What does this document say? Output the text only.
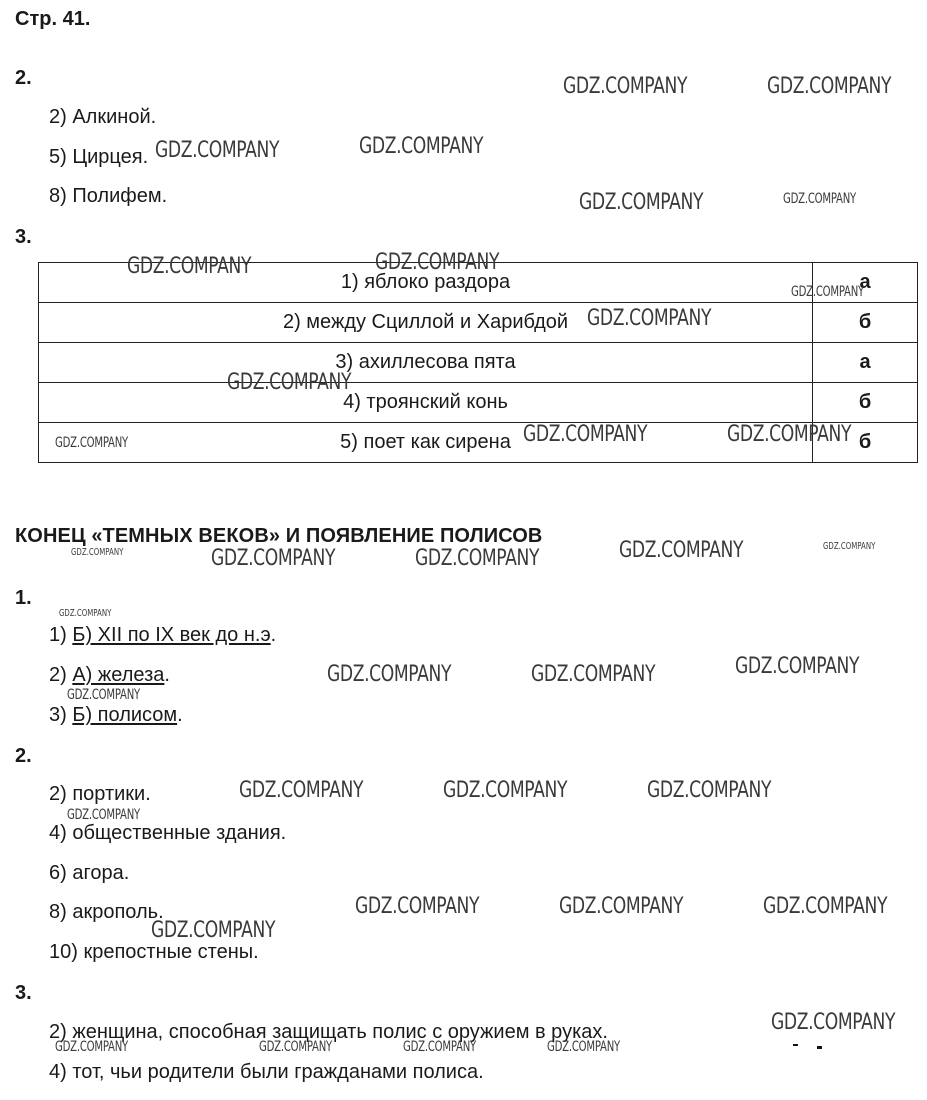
Стр. 41.
2.
2) Алкиной.
5) Цирцея.
8) Полифем.
3.
1) яблоко раздора	а
2) между Сциллой и Харибдой	б
3) ахиллесова пята	а
4) троянский конь	б
5) поет как сирена	б
КОНЕЦ «ТЕМНЫХ ВЕКОВ» И ПОЯВЛЕНИЕ ПОЛИСОВ
1.
1) Б) XII по IX век до н.э.
2) А) железа.
3) Б) полисом.
2.
2) портики.
4) общественные здания.
6) агора.
8) акрополь.
10) крепостные стены.
3.
2) женщина, способная защищать полис с оружием в руках.
4) тот, чьи родители были гражданами полиса.
GDZ.COMPANY	GDZ.COMPANY
GDZ.COMPANY	GDZ.COMPANY
GDZ.COMPANY	GDZ.COMPANY
GDZ.COMPANY	GDZ.COMPANY
GDZ.COMPANY
GDZ.COMPANY
GDZ.COMPANY
GDZ.COMPANY	GDZ.COMPANY	GDZ.COMPANY
GDZ.COMPANY	GDZ.COMPANY	GDZ.COMPANY	GDZ.COMPANY	GDZ.COMPANY
GDZ.COMPANY
GDZ.COMPANY	GDZ.COMPANY	GDZ.COMPANY
GDZ.COMPANY
GDZ.COMPANY	GDZ.COMPANY	GDZ.COMPANY
GDZ.COMPANY
GDZ.COMPANY	GDZ.COMPANY	GDZ.COMPANY
GDZ.COMPANY
GDZ.COMPANY
GDZ.COMPANY	GDZ.COMPANY	GDZ.COMPANY	GDZ.COMPANY
